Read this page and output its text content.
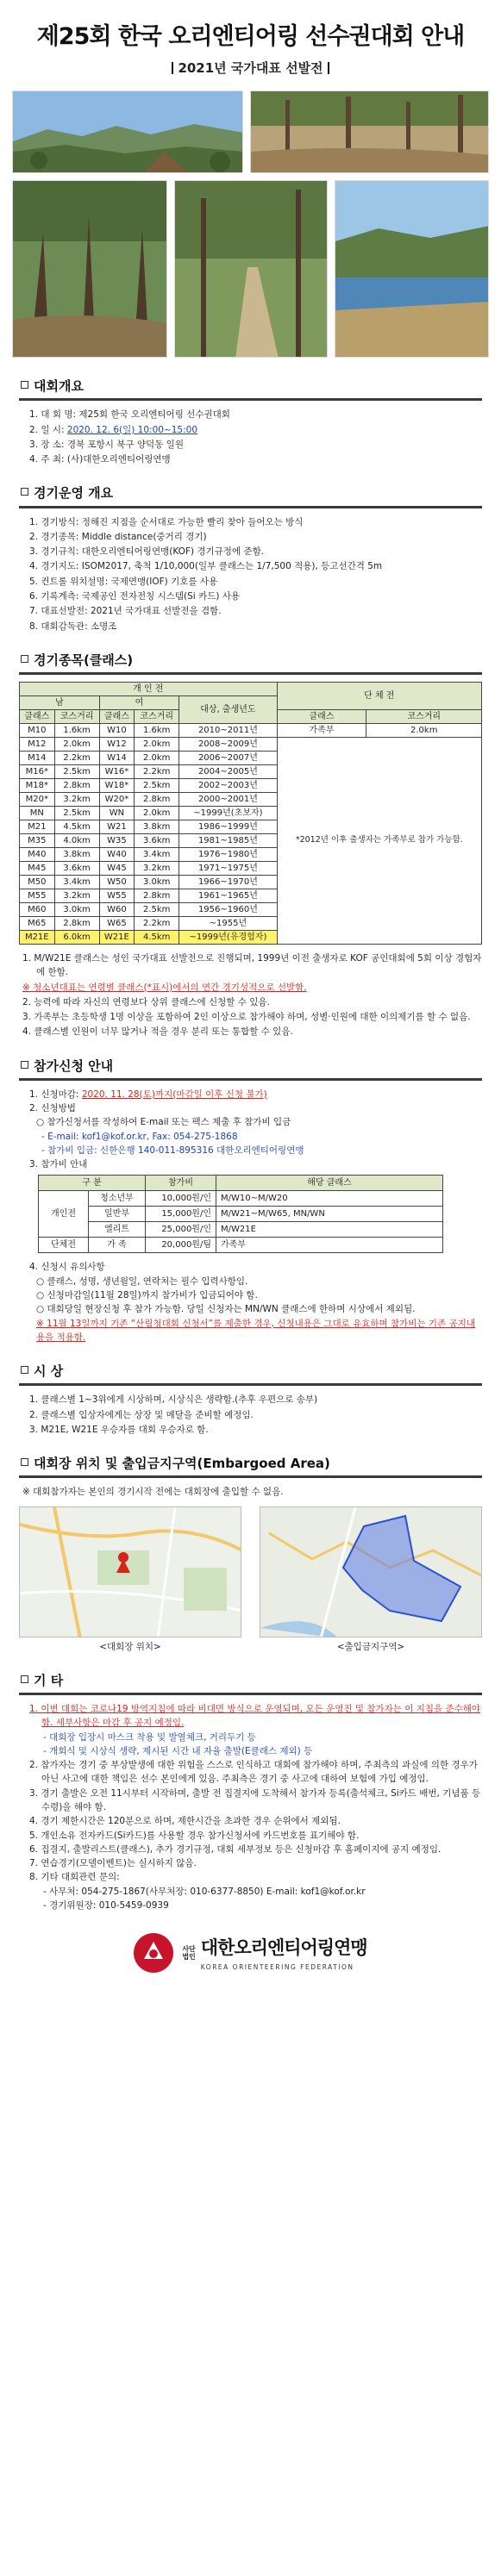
제25회 한국 오리엔티어링 선수권대회 안내
2021년 국가대표 선발전
대회개요
1. 대 회 명: 제25회 한국 오리엔티어링 선수권대회
2. 일 시: 2020. 12. 6(일) 10:00~15:00
3. 장 소: 경북 포항시 북구 양덕동 일원
4. 주 최: (사)대한오리엔티어링연맹
경기운영 개요
1. 경기방식: 정해진 지점을 순서대로 가능한 빨리 찾아 들어오는 방식
2. 경기종목: Middle distance(중거리 경기)
3. 경기규칙: 대한오리엔티어링연맹(KOF) 경기규정에 준함.
4. 경기지도: ISOM2017, 축척 1/10,000(일부 클래스는 1/7,500 적용), 등고선간격 5m
5. 컨트롤 위치설명: 국제연맹(IOF) 기호를 사용
6. 기록계측: 국제공인 전자전칭 시스템(Si 카드) 사용
7. 대표선발전: 2021년 국가대표 선발전을 겸함.
8. 대회감독관: 소명조
경기종목(클래스)
개 인 전					단 체 전	
남		여		대상, 출생년도		
클래스	코스거리	클래스	코스거리		클래스	코스거리
M10	1.6km	W10	1.6km	2010~2011년	가족부	2.0km
M12	2.0km	W12	2.0km	2008~2009년	*2012년 이후 출생자는 가족부로 참가 가능함.	
M14	2.2km	W14	2.0km	2006~2007년		
M16*	2.5km	W16*	2.2km	2004~2005년		
M18*	2.8km	W18*	2.5km	2002~2003년		
M20*	3.2km	W20*	2.8km	2000~2001년		
MN	2.5km	WN	2.0km	~1999년(초보자)		
M21	4.5km	W21	3.8km	1986~1999년		
M35	4.0km	W35	3.6km	1981~1985년		
M40	3.8km	W40	3.4km	1976~1980년		
M45	3.6km	W45	3.2km	1971~1975년		
M50	3.4km	W50	3.0km	1966~1970년		
M55	3.2km	W55	2.8km	1961~1965년		
M60	3.0km	W60	2.5km	1956~1960년		
M65	2.8km	W65	2.2km	~1955년		
M21E	6.0km	W21E	4.5km	~1999년(유경험자)		

1. M/W21E 클래스는 성인 국가대표 선발전으로 진행되며, 1999년 이전 출생자로 KOF 공인대회에 5회 이상 경험자에 한함.

※ 청소년대표는 연령별 클래스(*표시)에서의 연간 경기성적으로 선발함.

2. 능력에 따라 자신의 연령보다 상위 클래스에 신청할 수 있음.

3. 가족부는 초등학생 1명 이상을 포함하여 2인 이상으로 참가해야 하며, 성별·인원에 대한 이의제기를 할 수 없음.

4. 클래스별 인원이 너무 많거나 적을 경우 분리 또는 통합할 수 있음.

참가신청 안내
1. 신청마감: 2020. 11. 28(토)까지(마감일 이후 신청 불가)
2. 신청방법
○ 참가신청서를 작성하여 E-mail 또는 팩스 제출 후 참가비 입금
- E-mail: kof1@kof.or.kr, Fax: 054-275-1868
- 참가비 입금: 신한은행 140-011-895316 대한오리엔티어링연맹
3. 참가비 안내
구 분		참가비	해당 클래스
개인전	청소년부	10,000원/인	M/W10~M/W20
	일반부	15,000원/인	M/W21~M/W65, MN/WN
	엘리트	25,000원/인	M/W21E
단체전	가 족	20,000원/팀	가족부
4. 신청시 유의사항
○ 클래스, 성명, 생년월일, 연락처는 필수 입력사항임.
○ 신청마감일(11월 28일)까지 참가비가 입금되어야 함.
○ 대회당일 현장신청 후 참가 가능함. 당일 신청자는 MN/WN 클래스에 한하며 시상에서 제외됨.
※ 11월 13일까지 기존 “산림청대회 신청서”를 제출한 경우, 신청내용은 그대로 유효하며 참가비는 기존 공지내용을 적용함.
시 상
1. 클래스별 1~3위에게 시상하며, 시상식은 생략함.(추후 우편으로 송부)
2. 클래스별 입상자에게는 상장 및 메달을 준비할 예정임.
3. M21E, W21E 우승자를 대회 우승자로 함.
대회장 위치 및 출입금지구역(Embargoed Area)
※ 대회참가자는 본인의 경기시작 전에는 대회장에 출입할 수 없음.
<대회장 위치>	<출입금지구역>
기 타

1. 이번 대회는 코로나19 방역지침에 따라 비대면 방식으로 운영되며, 모든 운영진 및 참가자는 이 지침을 준수해야 함. 세부사항은 마감 후 공지 예정임.

- 대회장 입장시 마스크 착용 및 발열체크, 거리두기 등

- 개회식 및 시상식 생략, 제시된 시간 내 자율 출발(E클래스 제외) 등

2. 참가자는 경기 중 부상발생에 대한 위험을 스스로 인식하고 대회에 참가해야 하며, 주최측의 과실에 의한 경우가 아닌 사고에 대한 책임은 선수 본인에게 있음. 주최측은 경기 중 사고에 대하여 보험에 가입 예정임.

3. 경기 출발은 오전 11시부터 시작하며, 출발 전 집결지에 도착해서 참가자 등록(출석체크, Si카드 배번, 기념품 등 수령)을 해야 함.

4. 경기 제한시간은 120분으로 하며, 제한시간을 초과한 경우 순위에서 제외됨.

5. 개인소유 전자카드(Si카드)를 사용할 경우 참가신청서에 카드번호를 표기해야 함.

6. 집결지, 출발리스트(클래스), 추가 경기규정, 대회 세부정보 등은 신청마감 후 홈페이지에 공지 예정임.

7. 연습경기(모델이벤트)는 실시하지 않음.

8. 기타 대회관련 문의:

- 사무처: 054-275-1867(사무처장: 010-6377-8850) E-mail: kof1@kof.or.kr

- 경기위원장: 010-5459-0939

사단
법인 대한오리엔티어링연맹
KOREA ORIENTEERING FEDERATION
